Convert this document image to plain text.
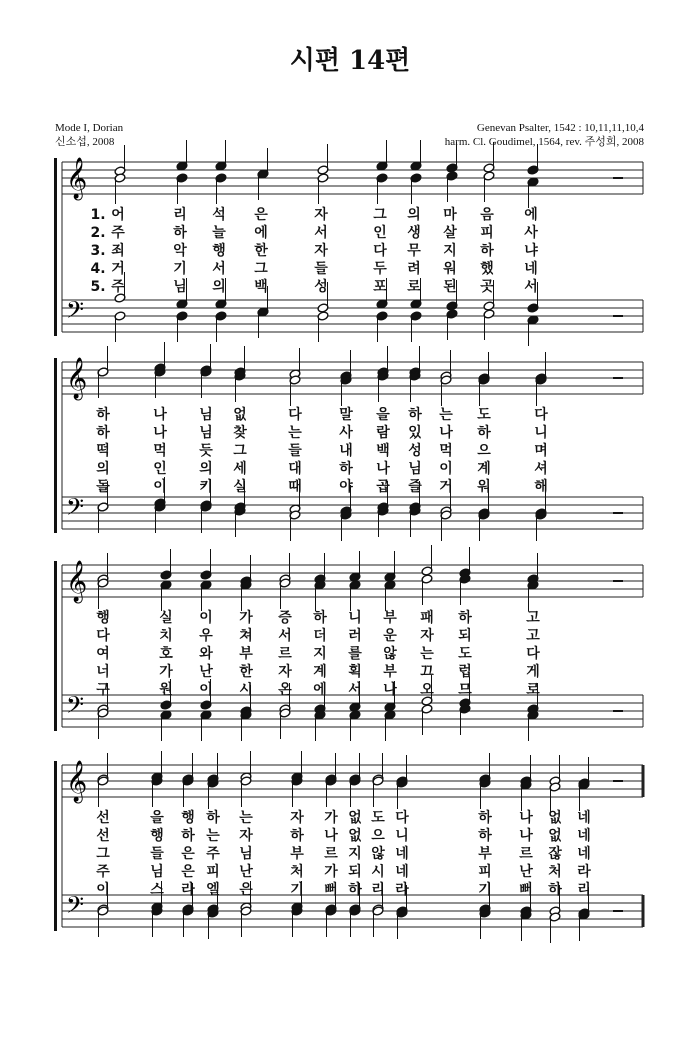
시편 14편
Mode I, Dorian
신소섭, 2008
Genevan Psalter, 1542 : 10,11,11,10,4
harm. Cl. Goudimel, 1564, rev. 주성희, 2008
𝄞
𝄢
1. 어	리 석 은	자	그 의 마 음 에
2. 주	하 늘 에	서	인 생 살 피 사
3. 죄	악 행 한	자	다 무 지 하 냐
4. 거	기 서 그	들	두 려 워 했 네
5. 주	님 의 백	성	포 로 된 곳 서
𝄞
𝄢
하	나 님 없	다	말 을 하 는 도	다
하	나 님 찾	는	사 람 있 나 하	니
떡	먹 듯 그	들	내 백 성 먹 으	며
의	인 의 세	대	하 나 님 이 계	셔
돌	이 키 실	때	야 곱 즐 거 워	해
𝄞
𝄢
행	실 이 가 증 하 니 부 패 하	고
다	치 우 쳐 서 더 러 운 자 되	고
여	호 와 부 르 지 를 않 는 도	다
너	가 난 한 자 계 획 부 끄 럽	게
구	원 이 시 온 에 서 나 오 므	로
𝄞
𝄢
선	을 행 하 는	자 가 없 도 다	하 나 없 네
선	행 하 는 자	하 나 없 으 니	하 나 없 네
그	들 은 주 님	부 르 지 않 네	부 르 잖 네
주	님 은 피 난	처 가 되 시 네	피 난 처 라
이	스 라 엘 은	기 뻐 하 리 라	기 뻐 하 리
